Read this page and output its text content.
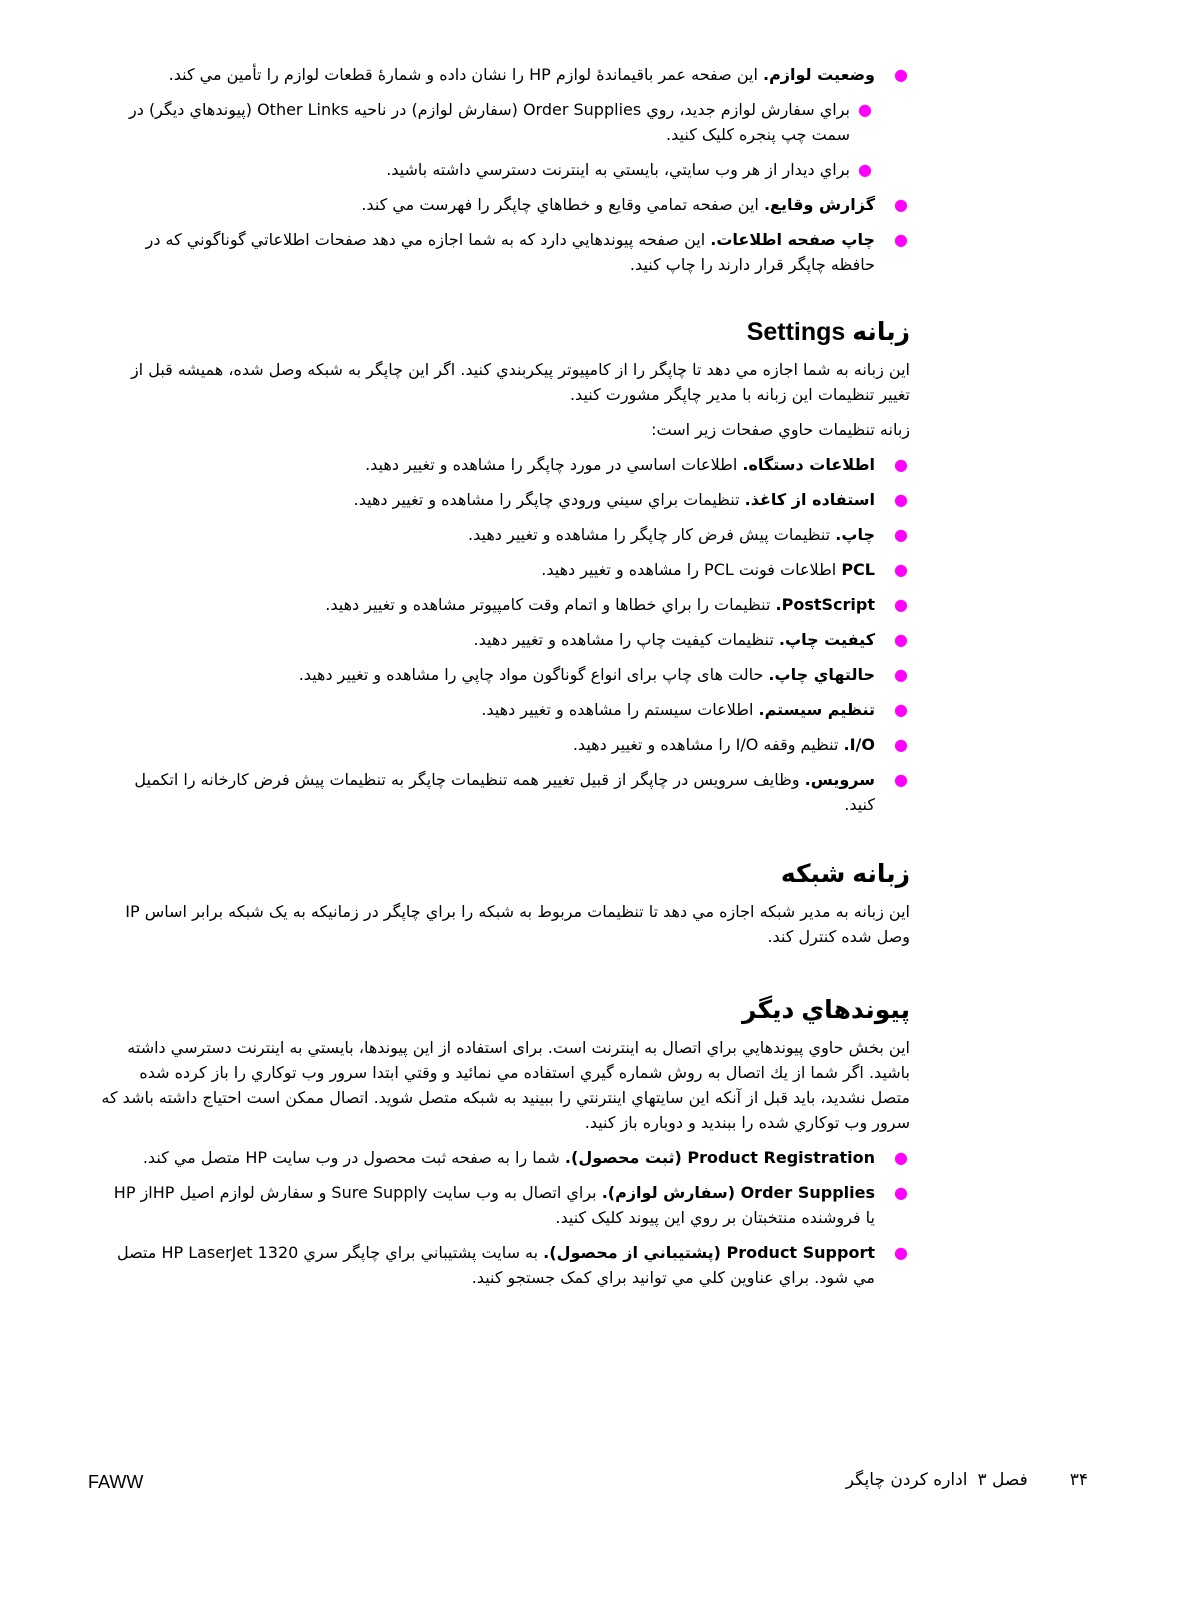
●
وضعيت لوازم. اين صفحه عمر باقيماندهٔ لوازم HP را نشان داده و شمارهٔ قطعات لوازم را تأمين مي كند.
●
براي سفارش لوازم جديد، روي Order Supplies (سفارش لوازم) در ناحيه Other Links (پيوندهاي ديگر) در سمت چپ پنجره كليک کنيد.
●
براي ديدار از هر وب سايتي، بايستي به اينترنت دسترسي داشته باشيد.
●
گزارش وقايع. اين صفحه تمامي وقايع و خطاهاي چاپگر را فهرست مي كند.
●
چاپ صفحه اطلاعات. اين صفحه پيوندهايي دارد كه به شما اجازه مي دهد صفحات اطلاعاتي گوناگوني كه در حافظه چاپگر قرار دارند را چاپ كنيد.
زبانه Settings

اين زبانه به شما اجازه مي دهد تا چاپگر را از كامپيوتر پيكربندي كنيد. اگر اين چاپگر به شبكه وصل شده، هميشه قبل از تغيير تنظيمات اين زبانه با مدير چاپگر مشورت كنيد.

زبانه تنظيمات حاوي صفحات زير است:

●
اطلاعات دستگاه. اطلاعات اساسي در مورد چاپگر را مشاهده و تغيير دهيد.
●
استفاده از كاغذ. تنظيمات براي سيني ورودي چاپگر را مشاهده و تغيير دهيد.
●
چاپ. تنظيمات پيش فرض كار چاپگر را مشاهده و تغيير دهيد.
●
PCL اطلاعات فونت PCL را مشاهده و تغيير دهيد.
●
PostScript. تنظيمات را براي خطاها و اتمام وقت كامپيوتر مشاهده و تغيير دهيد.
●
كيفيت چاپ. تنظيمات كيفيت چاپ را مشاهده و تغيير دهيد.
●
حالتهاي چاپ. حالت هاى چاپ براى انواع گوناگون مواد چاپي را مشاهده و تغيير دهيد.
●
تنظيم سيستم. اطلاعات سيستم را مشاهده و تغيير دهيد.
●
I/O. تنظيم وقفه I/O را مشاهده و تغيير دهيد.
●
سرويس. وظايف سرويس در چاپگر از قبيل تغيير همه تنظيمات چاپگر به تنظيمات پيش فرض كارخانه را اتكميل كنيد.
زبانه شبكه

اين زبانه به مدير شبكه اجازه مي دهد تا تنظيمات مربوط به شبكه را براي چاپگر در زمانيكه به يک شبكه برابر اساس IP وصل شده كنترل كند.

پيوندهاي ديگر

اين بخش حاوي پيوندهايي براي اتصال به اينترنت است. براى استفاده از اين پيوندها، بايستي به اينترنت دسترسي داشته باشيد. اگر شما از يك اتصال به روش شماره گيري استفاده مي نمائيد و وقتي ابتدا سرور وب توكاري را باز كرده شده متصل نشديد، بايد قبل از آنكه اين سايتهاي اينترنتي را ببينيد به شبكه متصل شويد. اتصال ممكن است احتياج داشته باشد كه سرور وب توكاري شده را ببنديد و دوباره باز كنيد.

●
Product Registration (ثبت محصول). شما را به صفحه ثبت محصول در وب سايت HP متصل مي كند.
●
Order Supplies (سفارش لوازم). براي اتصال به وب سايت Sure Supply و سفارش لوازم اصيل HPاز HP يا فروشنده منتخبتان بر روي اين پيوند كليک كنيد.
●
Product Support (پشتيباني از محصول). به سايت پشتيباني براي چاپگر سري HP LaserJet 1320 متصل مي شود. براي عناوين كلي مي توانيد براي كمک جستجو كنيد.
FAWW	۳۴فصل ۳اداره كردن چاپگر
